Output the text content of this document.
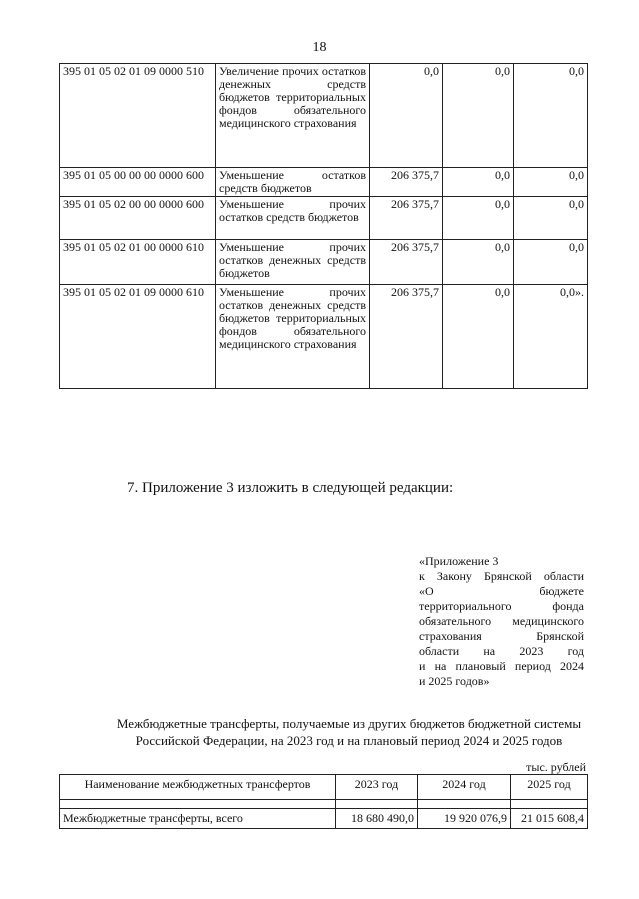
18
395 01 05 02 01 09 0000 510	Увеличение прочих остатков денежных средств бюджетов территориальных фондов обязательного медицинского страхования	0,0	0,0	0,0
395 01 05 00 00 00 0000 600	Уменьшение остатков средств бюджетов	206 375,7	0,0	0,0
395 01 05 02 00 00 0000 600	Уменьшение прочих остатков средств бюджетов	206 375,7	0,0	0,0
395 01 05 02 01 00 0000 610	Уменьшение прочих остатков денежных средств бюджетов	206 375,7	0,0	0,0
395 01 05 02 01 09 0000 610	Уменьшение прочих остатков денежных средств бюджетов территориальных фондов обязательного медицинского страхования	206 375,7	0,0	0,0».
7. Приложение 3 изложить в следующей редакции:
«Приложение 3
к Закону Брянской области
«О бюджете
территориального фонда
обязательного медицинского
страхования Брянской
области на 2023 год
и на плановый период 2024
и 2025 годов»
Межбюджетные трансферты, получаемые из других бюджетов бюджетной системы
Российской Федерации, на 2023 год и на плановый период 2024 и 2025 годов
тыс. рублей
Наименование межбюджетных трансфертов	2023 год	2024 год	2025 год

Межбюджетные трансферты, всего	18 680 490,0	19 920 076,9	21 015 608,4
